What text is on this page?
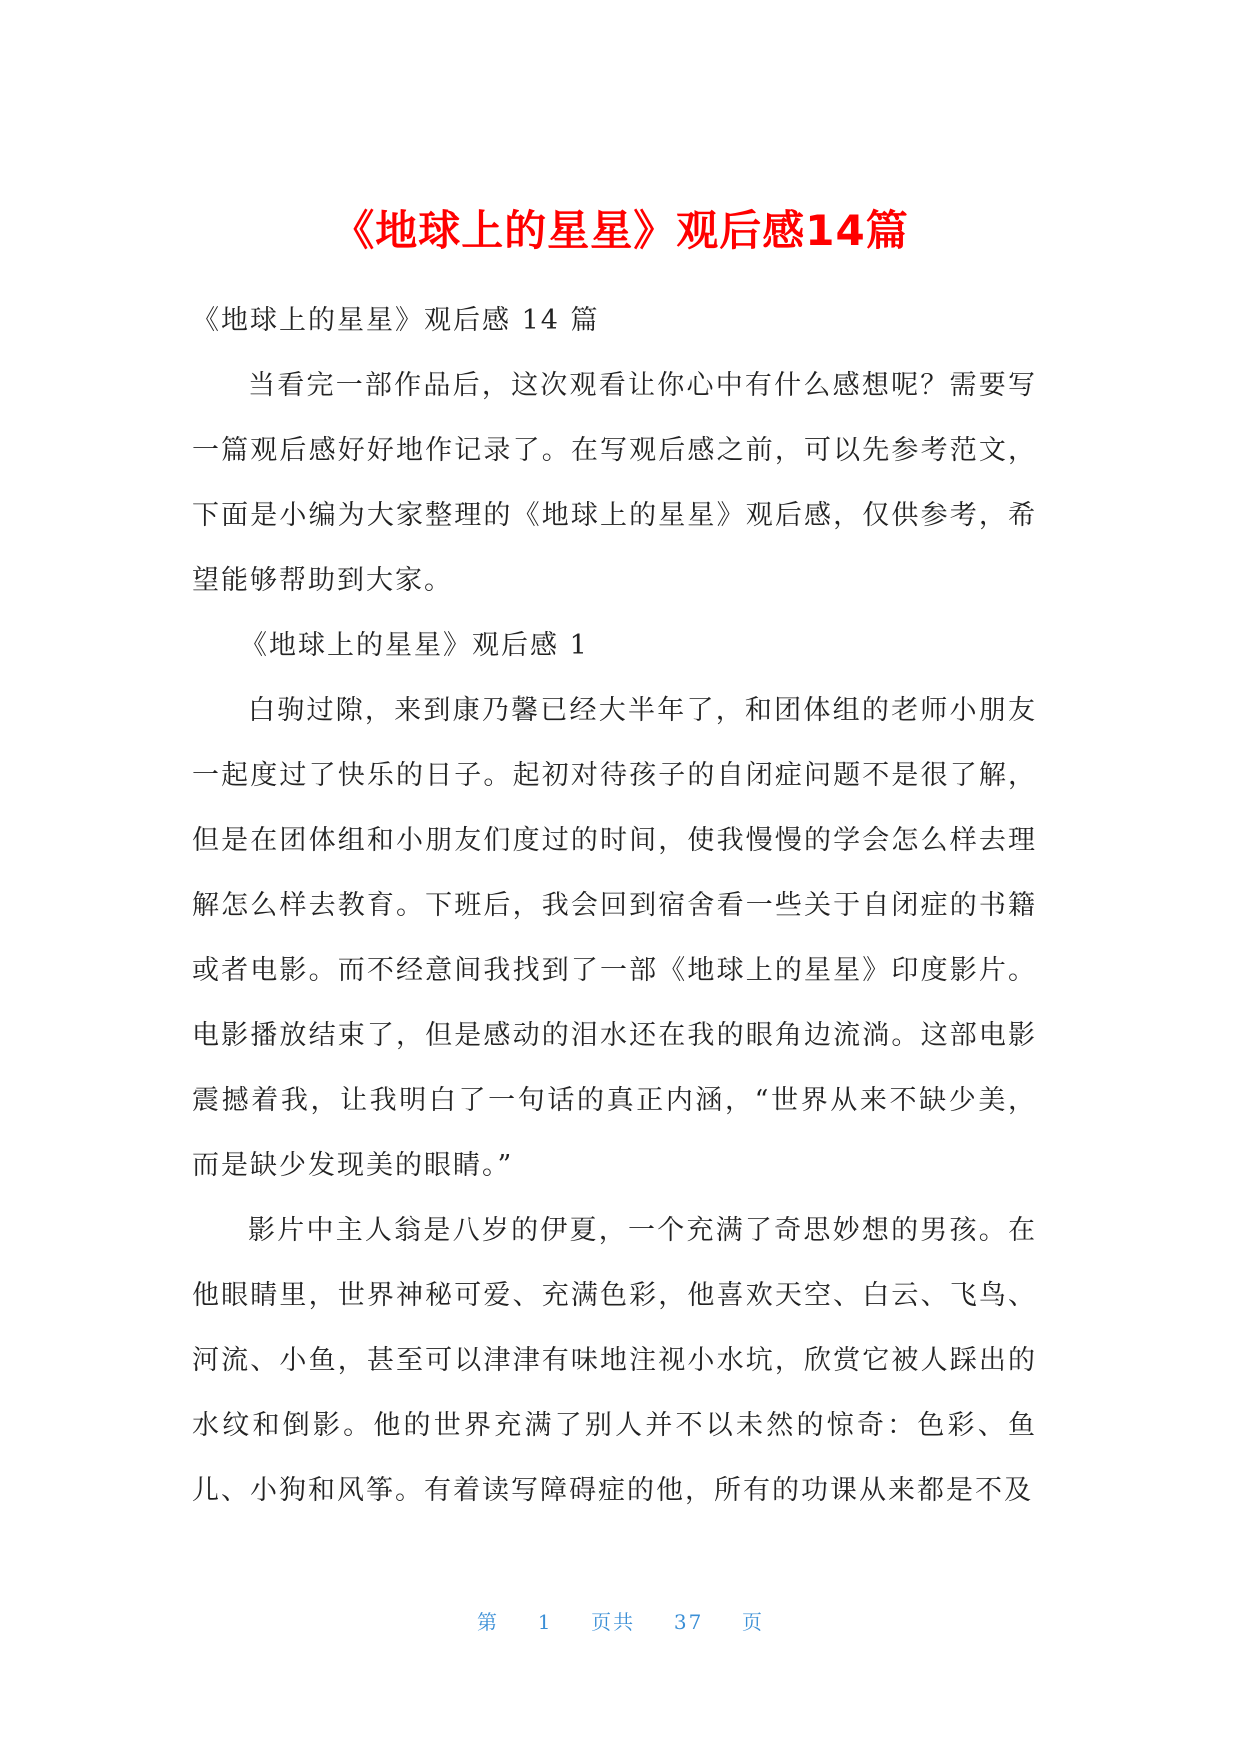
《地球上的星星》观后感14篇

《地球上的星星》观后感 14 篇

当看完一部作品后，这次观看让你心中有什么感想呢？需要写一篇观后感好好地作记录了。在写观后感之前，可以先参考范文，下面是小编为大家整理的《地球上的星星》观后感，仅供参考，希望能够帮助到大家。

《地球上的星星》观后感 1

白驹过隙，来到康乃馨已经大半年了，和团体组的老师小朋友一起度过了快乐的日子。起初对待孩子的自闭症问题不是很了解，但是在团体组和小朋友们度过的时间，使我慢慢的学会怎么样去理解怎么样去教育。下班后，我会回到宿舍看一些关于自闭症的书籍或者电影。而不经意间我找到了一部《地球上的星星》印度影片。电影播放结束了，但是感动的泪水还在我的眼角边流淌。这部电影震撼着我，让我明白了一句话的真正内涵，“世界从来不缺少美，而是缺少发现美的眼睛。”

影片中主人翁是八岁的伊夏，一个充满了奇思妙想的男孩。在他眼睛里，世界神秘可爱、充满色彩，他喜欢天空、白云、飞鸟、河流、小鱼，甚至可以津津有味地注视小水坑，欣赏它被人踩出的水纹和倒影。他的世界充满了别人并不以未然的惊奇：色彩、鱼儿、小狗和风筝。有着读写障碍症的他，所有的功课从来都是不及

第 1 页共 37 页
